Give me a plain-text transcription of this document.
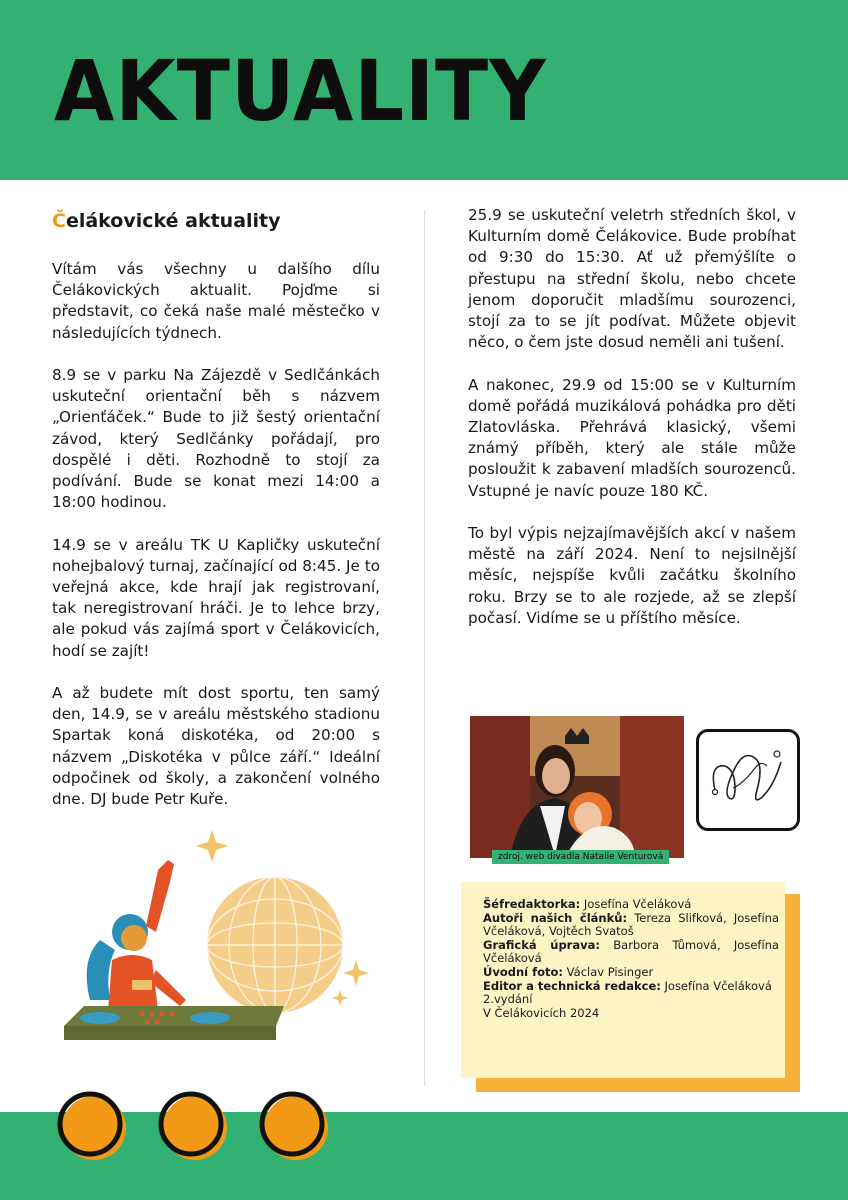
AKTUALITY
Čelákovické aktuality

Vítám vás všechny u dalšího dílu Čelákovických aktualit. Pojďme si představit, co čeká naše malé městečko v následujících týdnech.

8.9 se v parku Na Zájezdě v Sedlčánkách uskuteční orientační běh s názvem „Orienťáček.“ Bude to již šestý orientační závod, který Sedlčánky pořádají, pro dospělé i děti. Rozhodně to stojí za podívání. Bude se konat mezi 14:00 a 18:00 hodinou.

14.9 se v areálu TK U Kapličky uskuteční nohejbalový turnaj, začínající od 8:45. Je to veřejná akce, kde hrají jak registrovaní, tak neregistrovaní hráči. Je to lehce brzy, ale pokud vás zajímá sport v Čelákovicích, hodí se zajít!

A až budete mít dost sportu, ten samý den, 14.9, se v areálu městského stadionu Spartak koná diskotéka, od 20:00 s názvem „Diskotéka v půlce září.“ Ideální odpočinek od školy, a zakončení volného dne. DJ bude Petr Kuře.

25.9 se uskuteční veletrh středních škol, v Kulturním domě Čelákovice. Bude probíhat od 9:30 do 15:30. Ať už přemýšlíte o přestupu na střední školu, nebo chcete jenom doporučit mladšímu sourozenci, stojí za to se jít podívat. Můžete objevit něco, o čem jste dosud neměli ani tušení.

A nakonec, 29.9 od 15:00 se v Kulturním domě pořádá muzikálová pohádka pro děti Zlatovláska. Přehrává klasický, všemi známý příběh, který ale stále může posloužit k zabavení mladších sourozenců. Vstupné je navíc pouze 180 KČ.

To byl výpis nejzajímavějších akcí v našem městě na září 2024. Není to nejsilnější měsíc, nejspíše kvůli začátku školního roku. Brzy se to ale rozjede, až se zlepší počasí. Vidíme se u příštího měsíce.

zdroj. web divadla Natalie Venturová
Šéfredaktorka: Josefína Včeláková
Autoři našich článků: Tereza Slifková, Josefína Včeláková, Vojtěch Svatoš
Grafická úprava: Barbora Tůmová, Josefína Včeláková
Úvodní foto: Václav Pisinger
Editor a technická redakce: Josefína Včeláková
2.vydání
V Čelákovicích 2024
